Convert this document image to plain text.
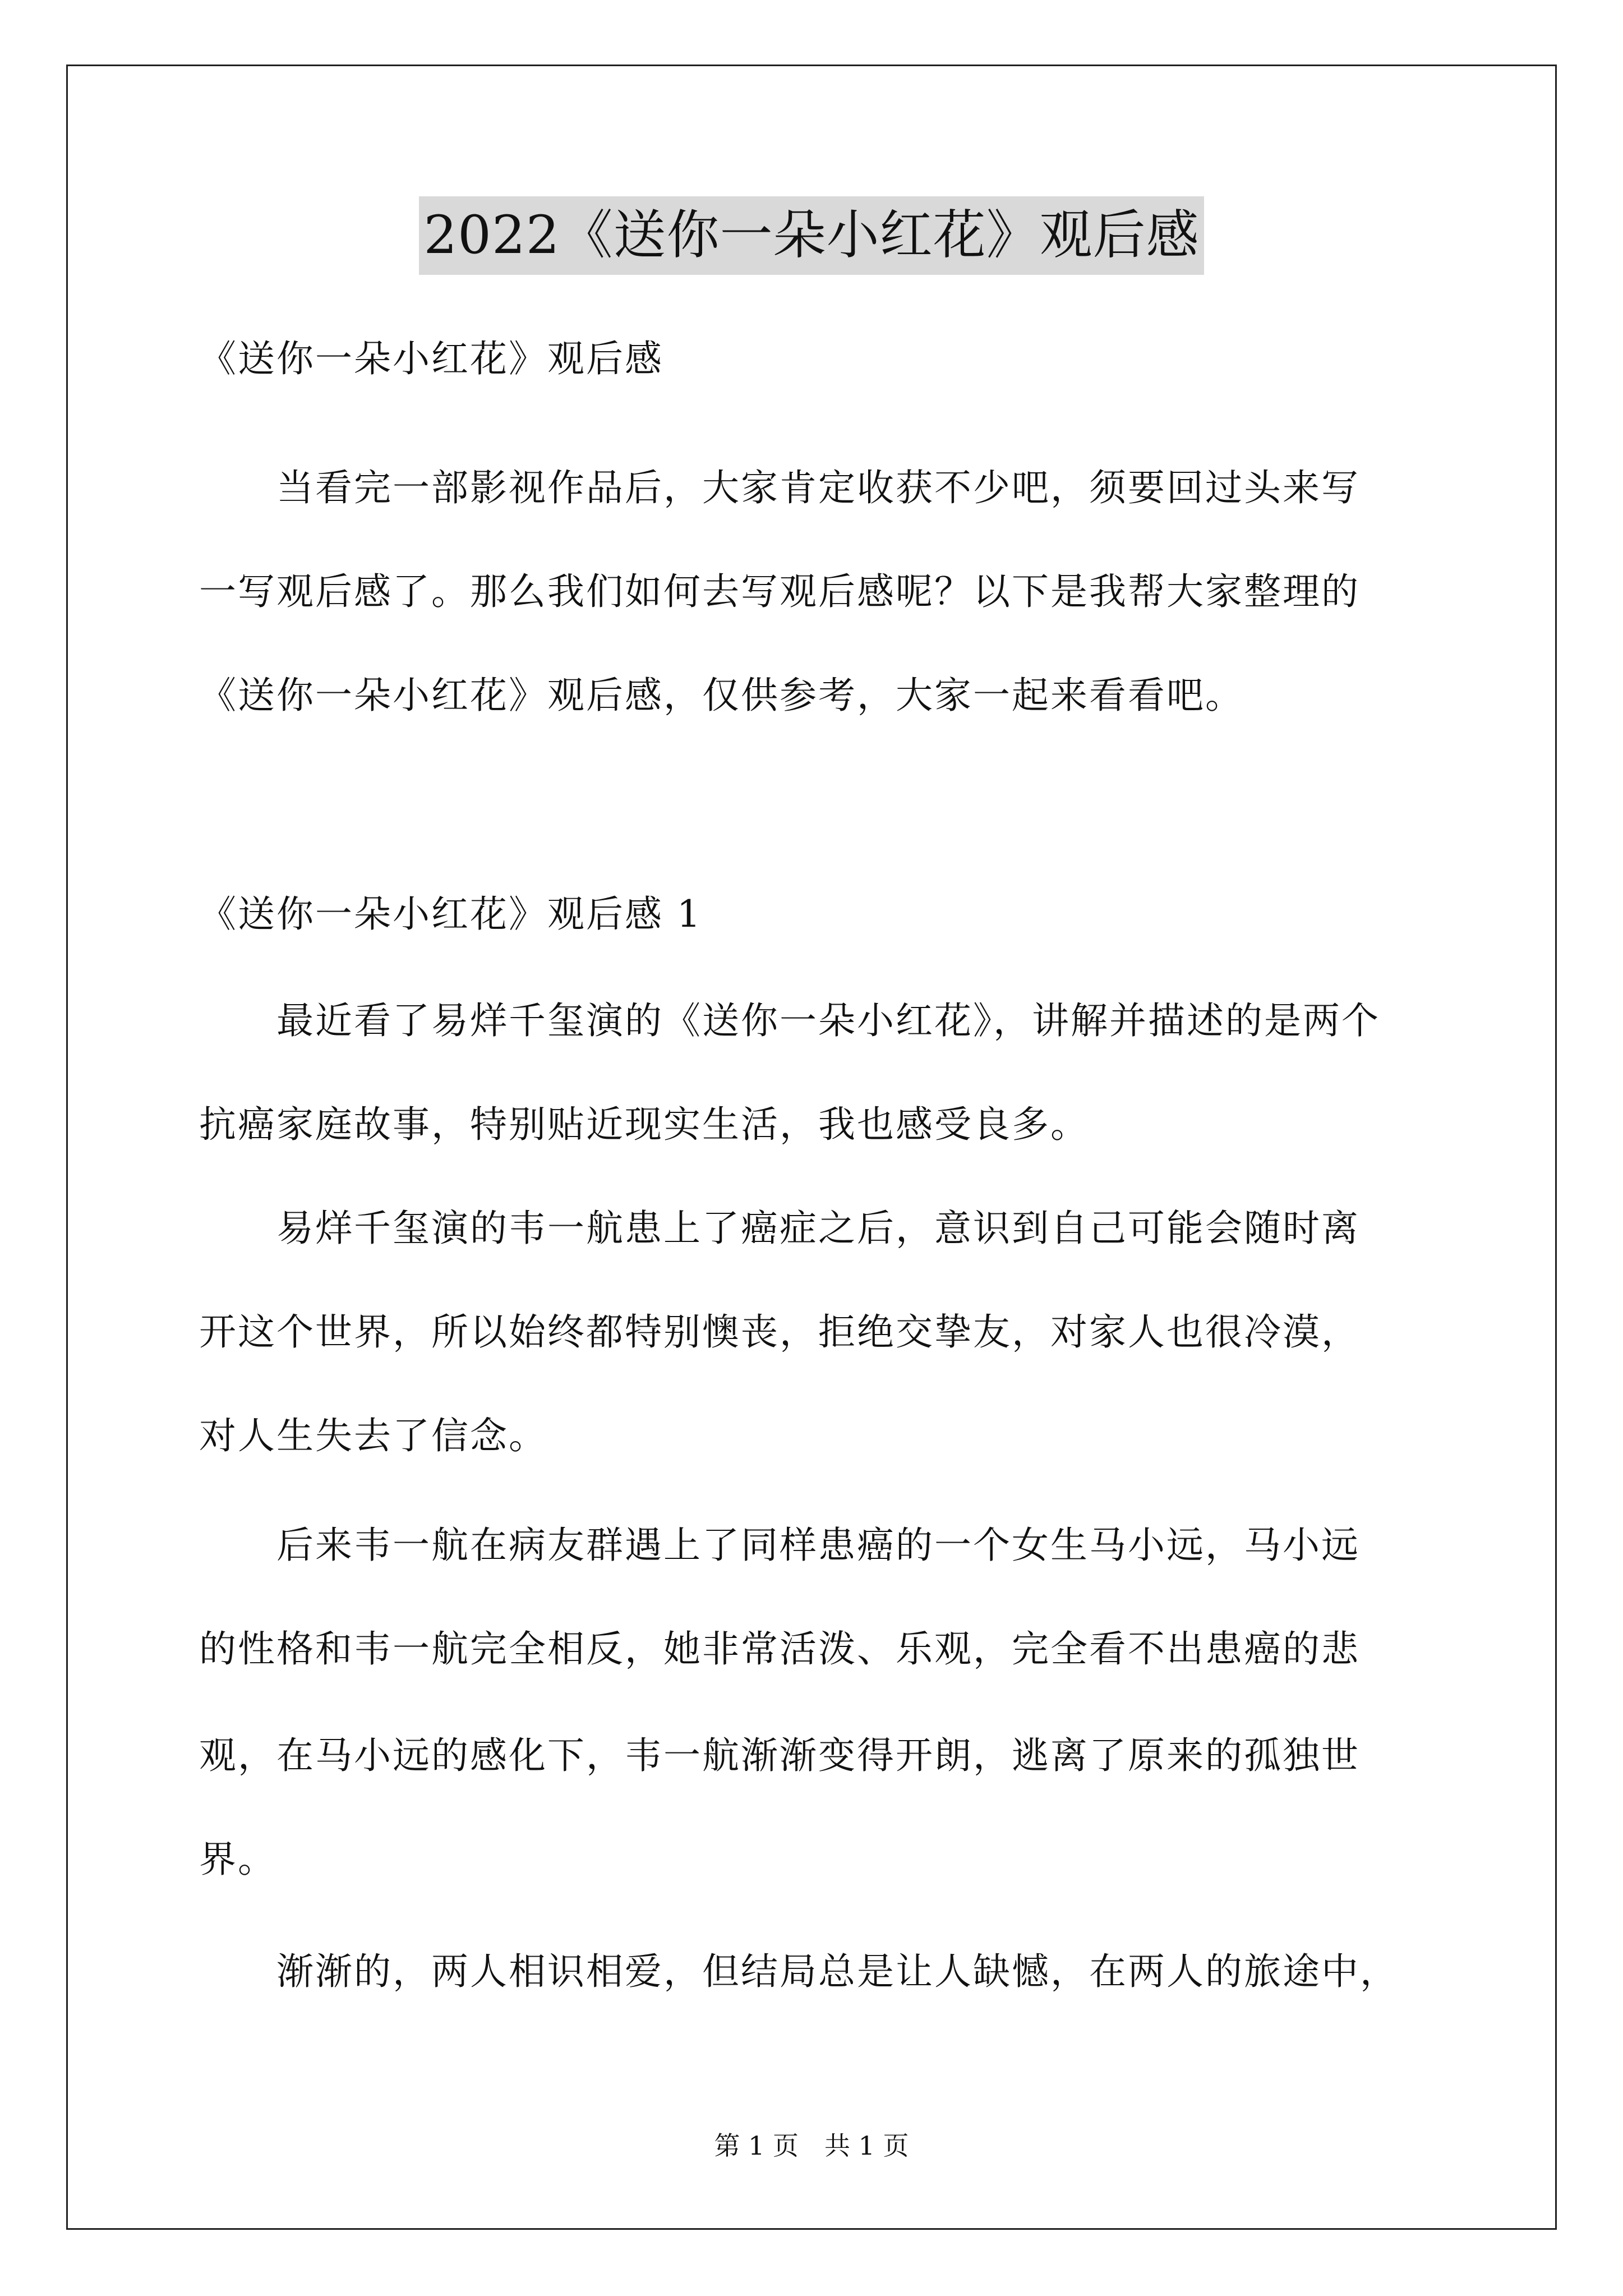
2022《送你一朵小红花》观后感
《送你一朵小红花》观后感
　　当看完一部影视作品后，大家肯定收获不少吧，须要回过头来写
一写观后感了。那么我们如何去写观后感呢？以下是我帮大家整理的
《送你一朵小红花》观后感，仅供参考，大家一起来看看吧。
《送你一朵小红花》观后感 1
　　最近看了易烊千玺演的《送你一朵小红花》，讲解并描述的是两个
抗癌家庭故事，特别贴近现实生活，我也感受良多。
　　易烊千玺演的韦一航患上了癌症之后，意识到自己可能会随时离
开这个世界，所以始终都特别懊丧，拒绝交挚友，对家人也很冷漠，
对人生失去了信念。
　　后来韦一航在病友群遇上了同样患癌的一个女生马小远，马小远
的性格和韦一航完全相反，她非常活泼、乐观，完全看不出患癌的悲
观，在马小远的感化下，韦一航渐渐变得开朗，逃离了原来的孤独世
界。
　　渐渐的，两人相识相爱，但结局总是让人缺憾，在两人的旅途中，
第 1 页　共 1 页
